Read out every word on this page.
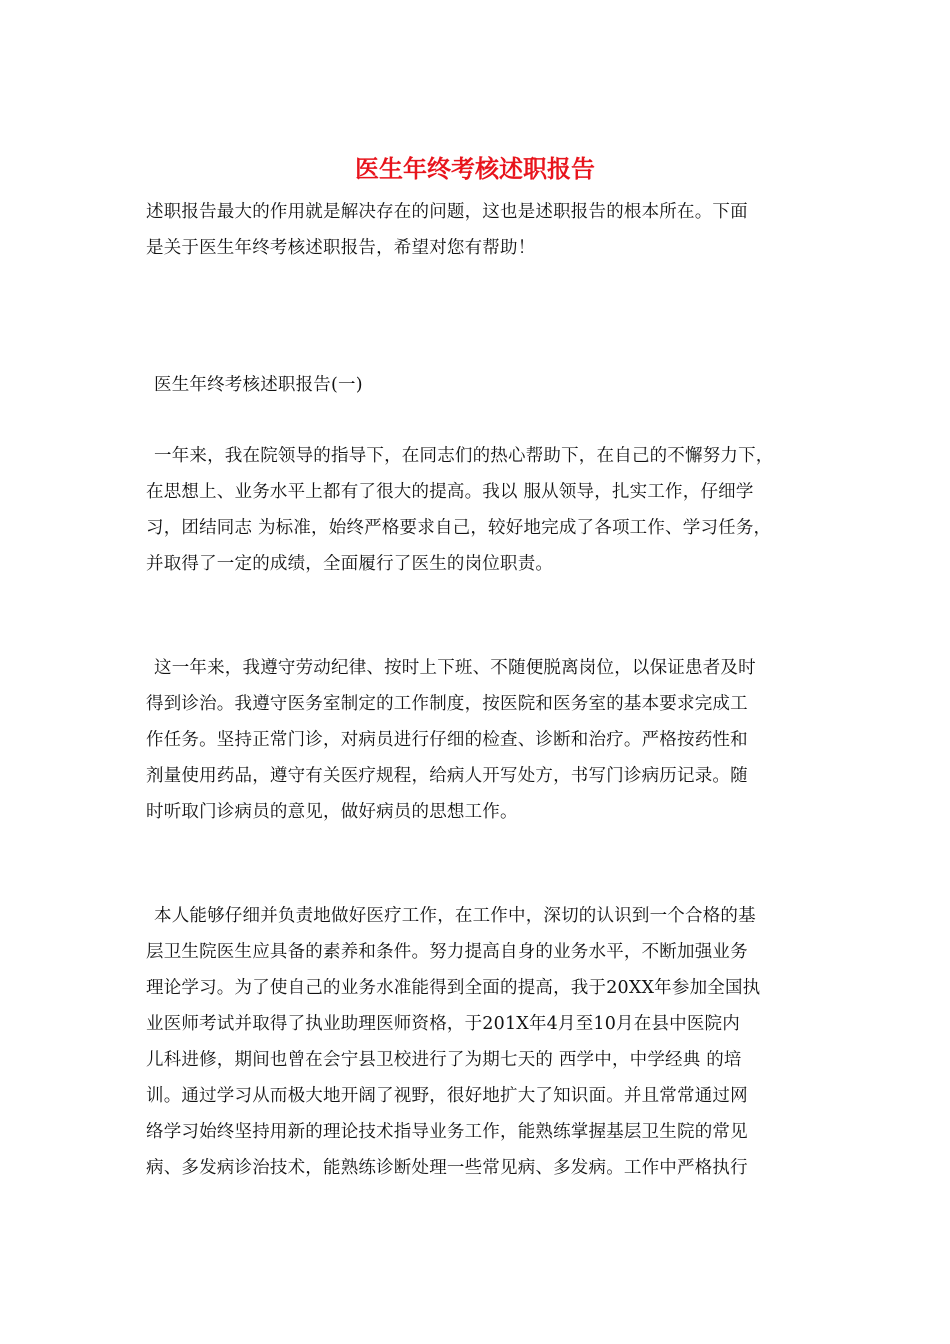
医生年终考核述职报告
述职报告最大的作用就是解决存在的问题，这也是述职报告的根本所在。下面
是关于医生年终考核述职报告，希望对您有帮助！
医生年终考核述职报告(一)
一年来，我在院领导的指导下，在同志们的热心帮助下，在自己的不懈努力下，
在思想上、业务水平上都有了很大的提高。我以 服从领导，扎实工作，仔细学
习，团结同志 为标准，始终严格要求自己，较好地完成了各项工作、学习任务，
并取得了一定的成绩，全面履行了医生的岗位职责。
这一年来，我遵守劳动纪律、按时上下班、不随便脱离岗位，以保证患者及时
得到诊治。我遵守医务室制定的工作制度，按医院和医务室的基本要求完成工
作任务。坚持正常门诊，对病员进行仔细的检查、诊断和治疗。严格按药性和
剂量使用药品，遵守有关医疗规程，给病人开写处方，书写门诊病历记录。随
时听取门诊病员的意见，做好病员的思想工作。
本人能够仔细并负责地做好医疗工作，在工作中，深切的认识到一个合格的基
层卫生院医生应具备的素养和条件。努力提高自身的业务水平，不断加强业务
理论学习。为了使自己的业务水准能得到全面的提高，我于20XX年参加全国执
业医师考试并取得了执业助理医师资格，于201X年4月至10月在县中医院内
儿科进修，期间也曾在会宁县卫校进行了为期七天的 西学中，中学经典 的培
训。通过学习从而极大地开阔了视野，很好地扩大了知识面。并且常常通过网
络学习始终坚持用新的理论技术指导业务工作，能熟练掌握基层卫生院的常见
病、多发病诊治技术，能熟练诊断处理一些常见病、多发病。工作中严格执行
